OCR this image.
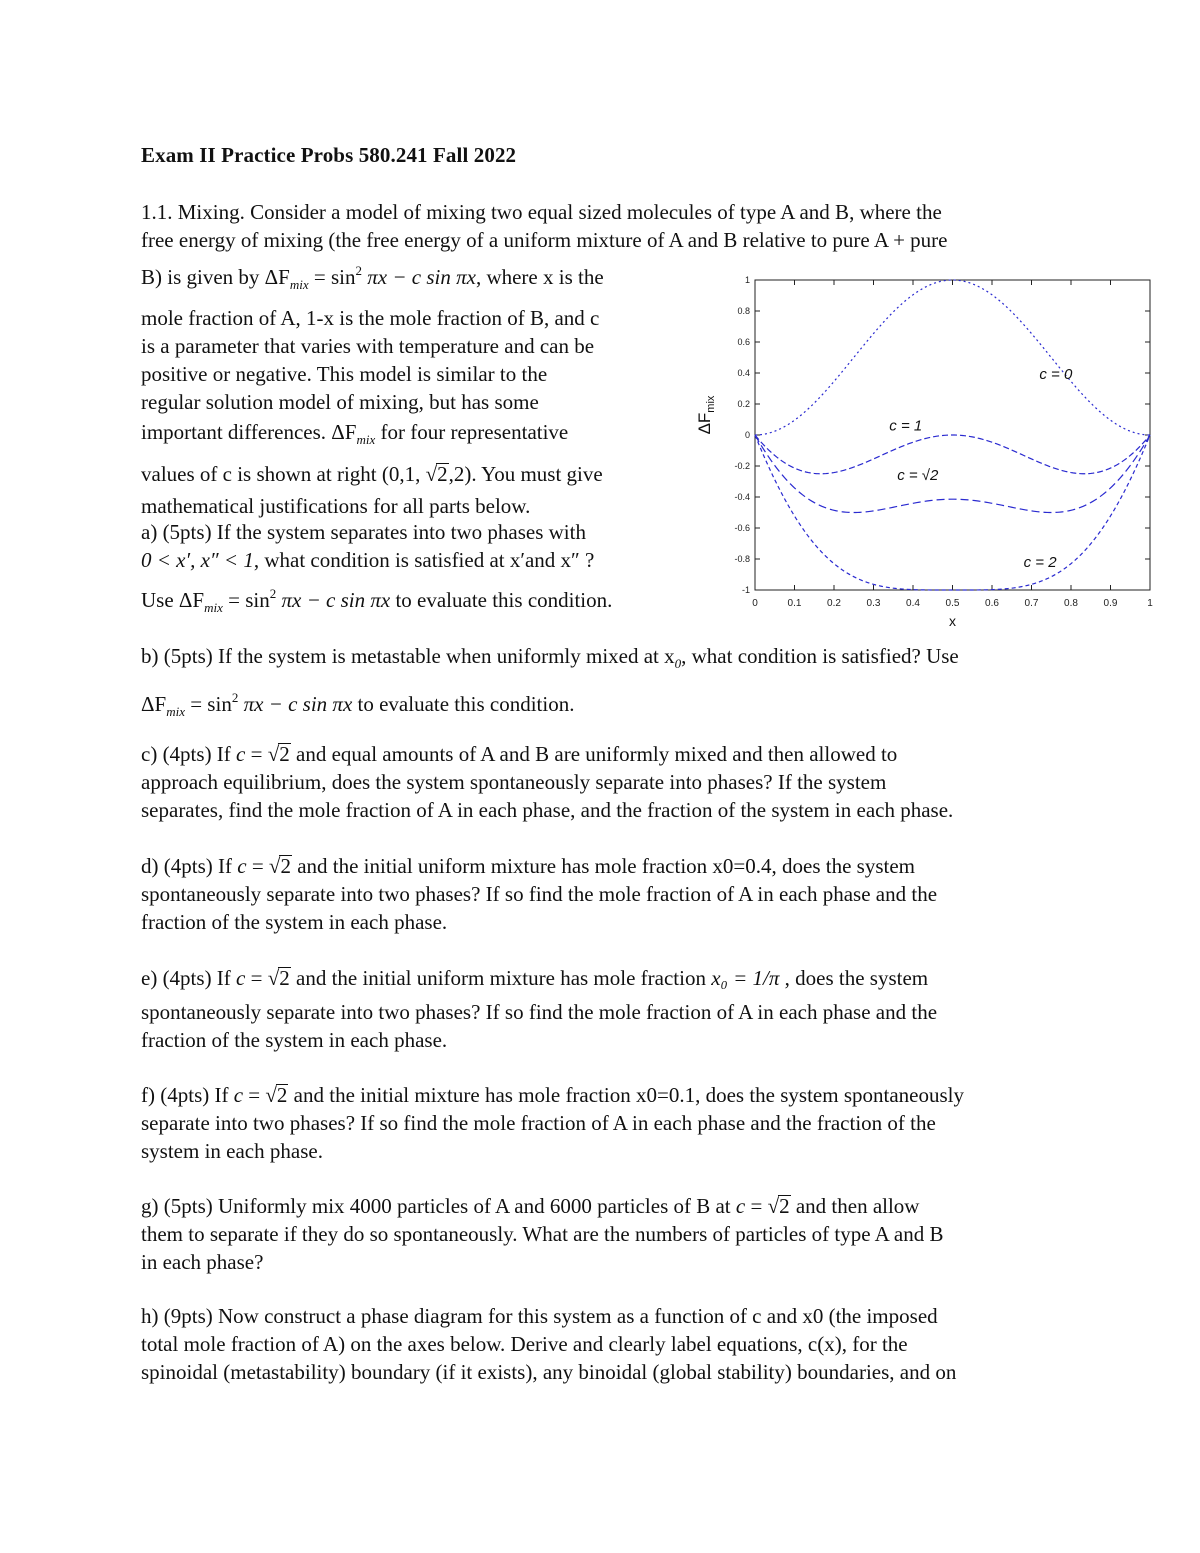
Exam II Practice Probs 580.241 Fall 2022
1.1. Mixing. Consider a model of mixing two equal sized molecules of type A and B, where the
free energy of mixing (the free energy of a uniform mixture of A and B relative to pure A + pure
B) is given by $\Delta F_{mix} = \sin^2 \pi x - c$ sin πx, where x is the
mole fraction of A, 1-x is the mole fraction of B, and c
is a parameter that varies with temperature and can be
positive or negative. This model is similar to the
regular solution model of mixing, but has some
important differences. $\Delta F_{mix}$ for four representative
values of c is shown at right (0,1, √2,2). You must give
mathematical justifications for all parts below.
a) (5pts) If the system separates into two phases with
0 < x′, x″ < 1, what condition is satisfied at x′and x″ ?
Use $\Delta F_{mix} = \sin^2 \pi x - c$ sin πx to evaluate this condition.
b) (5pts) If the system is metastable when uniformly mixed at $x_0$, what condition is satisfied? Use
$\Delta F_{mix} = \sin^2 \pi x - c$ sin πx to evaluate this condition.
c) (4pts) If c = √2 and equal amounts of A and B are uniformly mixed and then allowed to
approach equilibrium, does the system spontaneously separate into phases? If the system
separates, find the mole fraction of A in each phase, and the fraction of the system in each phase.
d) (4pts) If c = √2 and the initial uniform mixture has mole fraction x0=0.4, does the system
spontaneously separate into two phases? If so find the mole fraction of A in each phase and the
fraction of the system in each phase.
e) (4pts) If c = √2 and the initial uniform mixture has mole fraction x₀ = 1/π , does the system
spontaneously separate into two phases? If so find the mole fraction of A in each phase and the
fraction of the system in each phase.
f) (4pts) If c = √2 and the initial mixture has mole fraction x0=0.1, does the system spontaneously
separate into two phases? If so find the mole fraction of A in each phase and the fraction of the
system in each phase.
g) (5pts) Uniformly mix 4000 particles of A and 6000 particles of B at c = √2 and then allow
them to separate if they do so spontaneously. What are the numbers of particles of type A and B
in each phase?
h) (9pts) Now construct a phase diagram for this system as a function of c and x0 (the imposed
total mole fraction of A) on the axes below. Derive and clearly label equations, c(x), for the
spinoidal (metastability) boundary (if it exists), any binoidal (global stability) boundaries, and on
0	0.1	0.2	0.3	0.4	0.5	0.6	0.7	0.8	0.9	1
-1
-0.8
-0.6
-0.4
-0.2
0
0.2
0.4
0.6
0.8
1
x
$\Delta F_{mix}$
c = 0
c = 1
c = √2
c = 2
